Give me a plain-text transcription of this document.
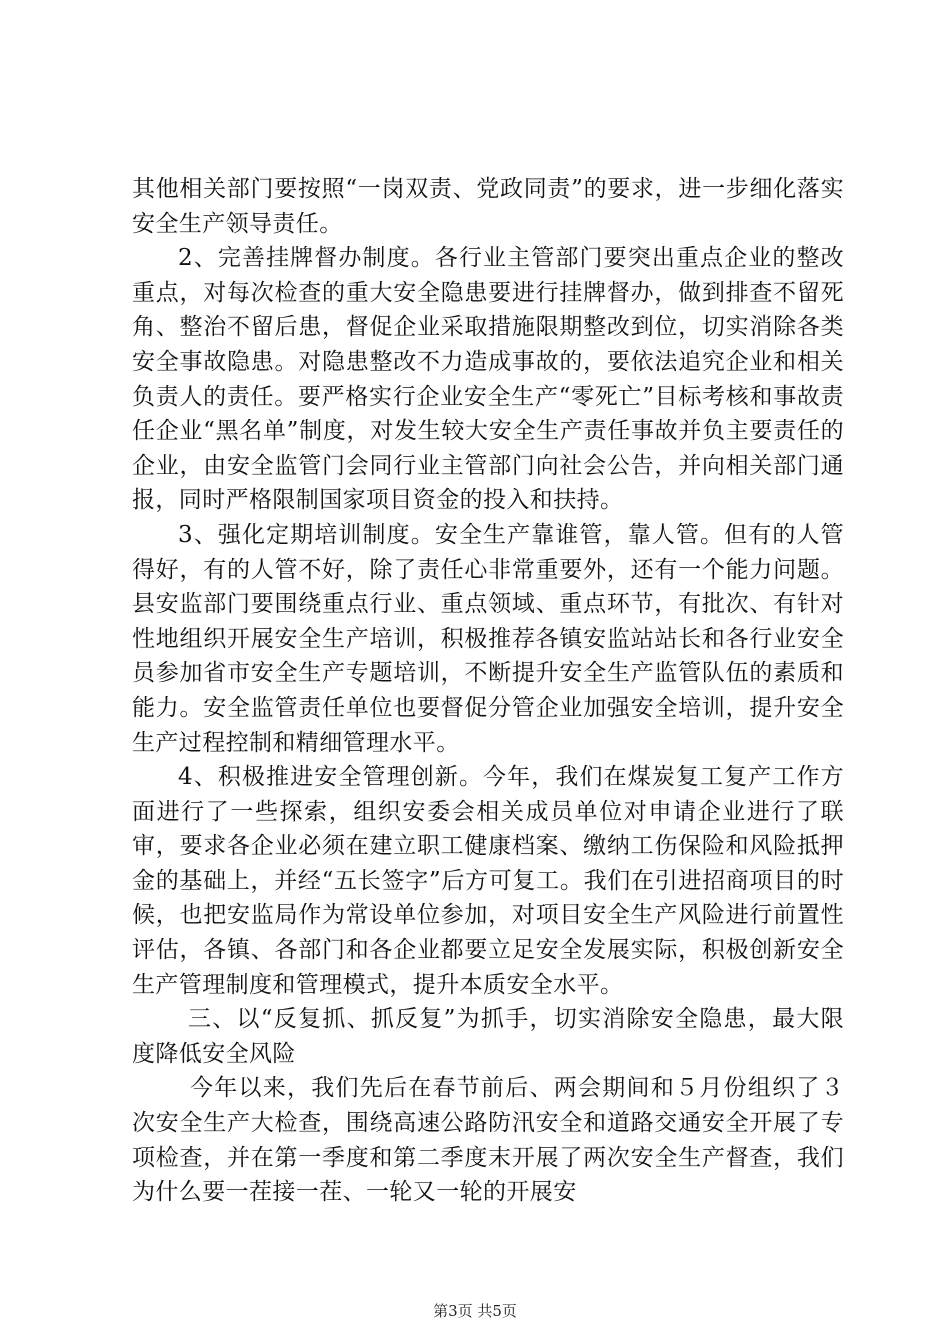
其他相关部门要按照“一岗双责、党政同责”的要求，进一步细化落实安全生产领导责任。

2、完善挂牌督办制度。各行业主管部门要突出重点企业的整改重点，对每次检查的重大安全隐患要进行挂牌督办，做到排查不留死角、整治不留后患，督促企业采取措施限期整改到位，切实消除各类安全事故隐患。对隐患整改不力造成事故的，要依法追究企业和相关负责人的责任。要严格实行企业安全生产“零死亡”目标考核和事故责任企业“黑名单”制度，对发生较大安全生产责任事故并负主要责任的企业，由安全监管门会同行业主管部门向社会公告，并向相关部门通报，同时严格限制国家项目资金的投入和扶持。

3、强化定期培训制度。安全生产靠谁管，靠人管。但有的人管得好，有的人管不好，除了责任心非常重要外，还有一个能力问题。县安监部门要围绕重点行业、重点领域、重点环节，有批次、有针对性地组织开展安全生产培训，积极推荐各镇安监站站长和各行业安全员参加省市安全生产专题培训，不断提升安全生产监管队伍的素质和能力。安全监管责任单位也要督促分管企业加强安全培训，提升安全生产过程控制和精细管理水平。

4、积极推进安全管理创新。今年，我们在煤炭复工复产工作方面进行了一些探索，组织安委会相关成员单位对申请企业进行了联审，要求各企业必须在建立职工健康档案、缴纳工伤保险和风险抵押金的基础上，并经“五长签字”后方可复工。我们在引进招商项目的时候，也把安监局作为常设单位参加，对项目安全生产风险进行前置性评估，各镇、各部门和各企业都要立足安全发展实际，积极创新安全生产管理制度和管理模式，提升本质安全水平。

三、以“反复抓、抓反复”为抓手，切实消除安全隐患，最大限度降低安全风险

今年以来，我们先后在春节前后、两会期间和５月份组织了３次安全生产大检查，围绕高速公路防汛安全和道路交通安全开展了专项检查，并在第一季度和第二季度末开展了两次安全生产督查，我们为什么要一茬接一茬、一轮又一轮的开展安

第3页 共5页
